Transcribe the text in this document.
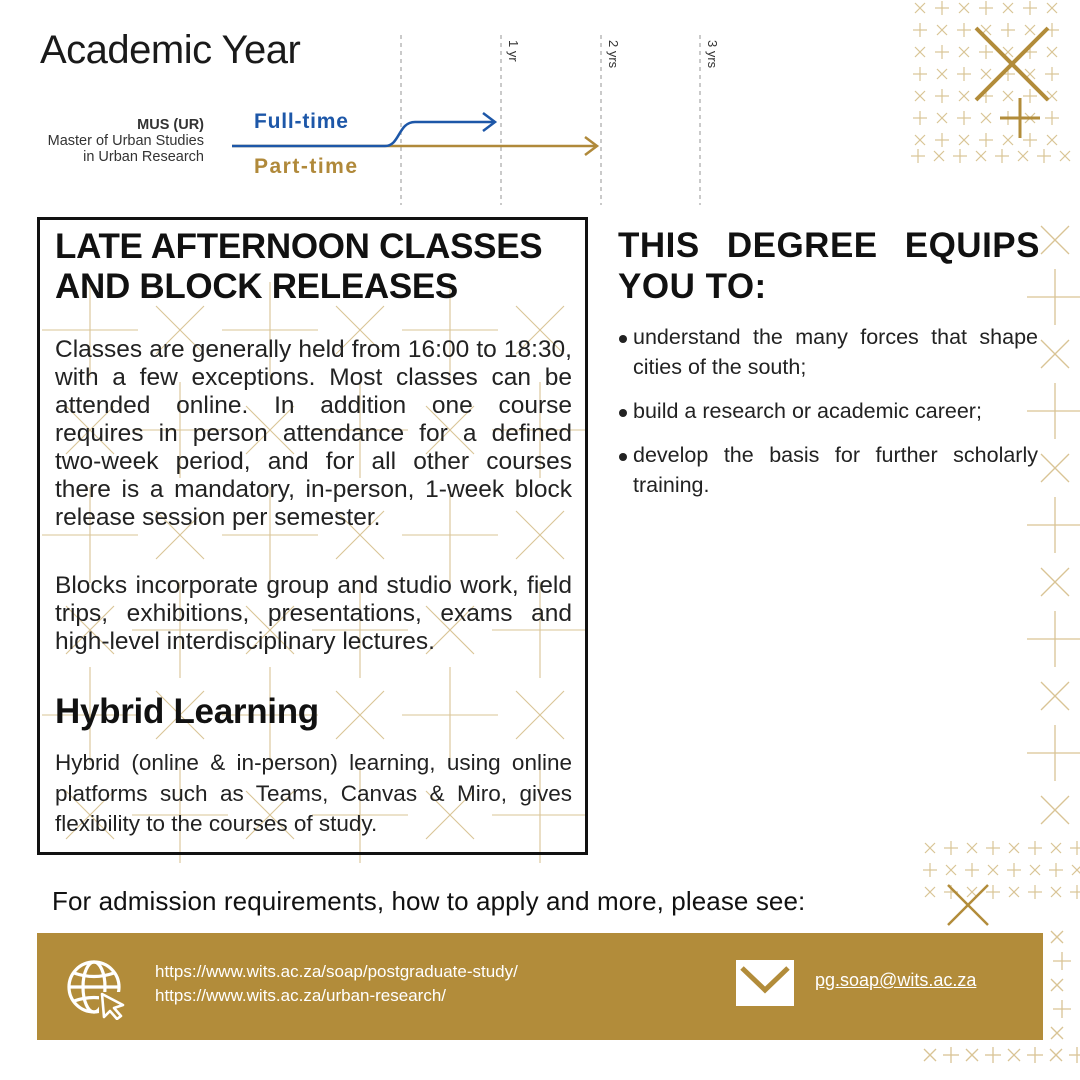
Academic Year
MUS (UR)
Master of Urban Studies
in Urban Research
Full-time
Part-time
1 yr	2 yrs	3 yrs
LATE AFTERNOON CLASSES AND BLOCK RELEASES

Classes are generally held from 16:00 to 18:30, with a few exceptions. Most classes can be attended online. In addition one course requires in person attendance for a defined two-week period, and for all other courses there is a mandatory, in-person, 1-week block release session per semester.

Blocks incorporate group and studio work, field trips, exhibitions, presentations, exams and high-level interdisciplinary lectures.

Hybrid Learning

Hybrid (online & in-person) learning, using online platforms such as Teams, Canvas & Miro, gives flexibility to the courses of study.

THIS DEGREE EQUIPS YOU TO:
understand the many forces that shape cities of the south;
build a research or academic career;
develop the basis for further scholarly training.
For admission requirements, how to apply and more, please see:
https://www.wits.ac.za/soap/postgraduate-study/
https://www.wits.ac.za/urban-research/
pg.soap@wits.ac.za
